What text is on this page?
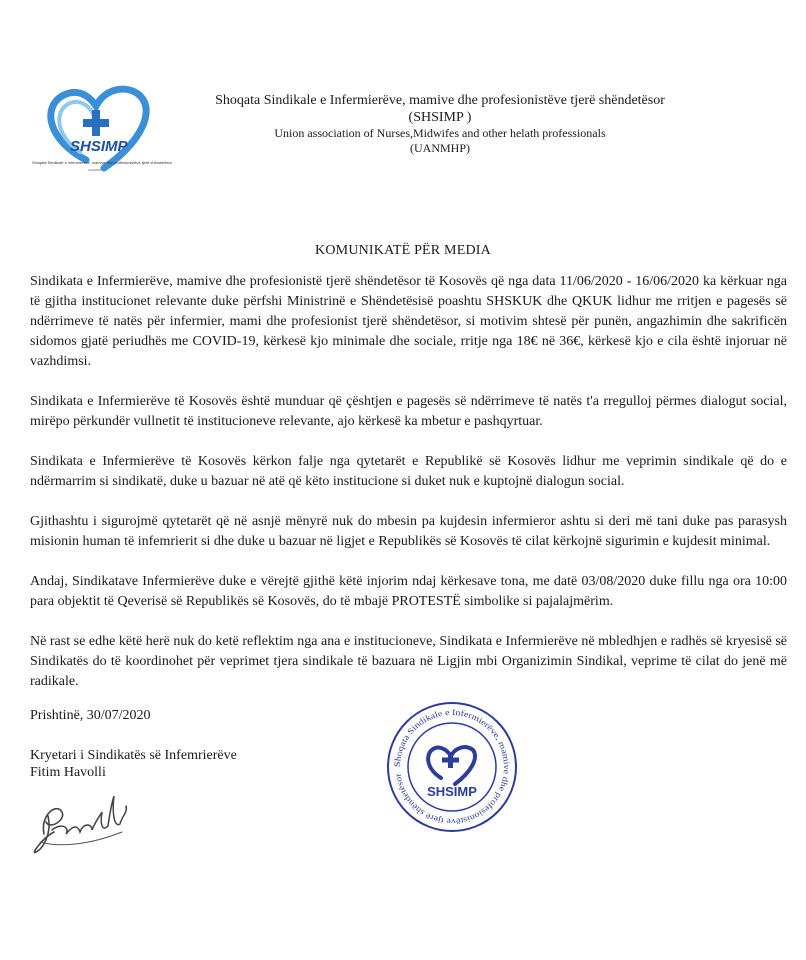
SHSIMP
Shoqata Sindikale e Infermierëve, mamive dhe profesionistëve tjerë shëndetësor
UANMHP
Shoqata Sindikale e Infermierëve, mamive dhe profesionistëve tjerë shëndetësor
(SHSIMP )
Union association of Nurses,Midwifes and other helath professionals
(UANMHP)
KOMUNIKATË PËR MEDIA

Sindikata e Infermierëve, mamive dhe profesionistë tjerë shëndetësor të Kosovës që nga data 11/06/2020 - 16/06/2020 ka kërkuar nga të gjitha institucionet relevante duke përfshi Ministrinë e Shëndetësisë poashtu SHSKUK dhe QKUK lidhur me rritjen e pagesës së ndërrimeve të natës për infermier, mami dhe profesionist tjerë shëndetësor, si motivim shtesë për punën, angazhimin dhe sakrificën sidomos gjatë periudhës me COVID-19, kërkesë kjo minimale dhe sociale, rritje nga 18€ në 36€, kërkesë kjo e cila është injoruar në vazhdimsi.

Sindikata e Infermierëve të Kosovës është munduar që çështjen e pagesës së ndërrimeve të natës t'a rregulloj përmes dialogut social, mirëpo përkundër vullnetit të institucioneve relevante, ajo kërkesë ka mbetur e pashqyrtuar.

Sindikata e Infermierëve të Kosovës kërkon falje nga qytetarët e Republikë së Kosovës lidhur me veprimin sindikale që do e ndërmarrim si sindikatë, duke u bazuar në atë që këto institucione si duket nuk e kuptojnë dialogun social.

Gjithashtu i sigurojmë qytetarët që në asnjë mënyrë nuk do mbesin pa kujdesin infermieror ashtu si deri më tani duke pas parasysh misionin human të infemrierit si dhe duke u bazuar në ligjet e Republikës së Kosovës të cilat kërkojnë sigurimin e kujdesit minimal.

Andaj, Sindikatave Infermierëve duke e vërejtë gjithë këtë injorim ndaj kërkesave tona, me datë 03/08/2020 duke fillu nga ora 10:00 para objektit të Qeverisë së Republikës së Kosovës, do të mbajë PROTESTË simbolike si pajalajmërim.

Në rast se edhe këtë herë nuk do ketë reflektim nga ana e institucioneve, Sindikata e Infermierëve në mbledhjen e radhës së kryesisë së Sindikatës do të koordinohet për veprimet tjera sindikale të bazuara në Ligjin mbi Organizimin Sindikal, veprime të cilat do jenë më radikale.

Prishtinë, 30/07/2020
Kryetari i Sindikatës së Infemrierëve
Fitim Havolli
Shoqata Sindikale e Infermierëve, mamive dhe profesionistëve tjerë shëndetësor
SHSIMP
